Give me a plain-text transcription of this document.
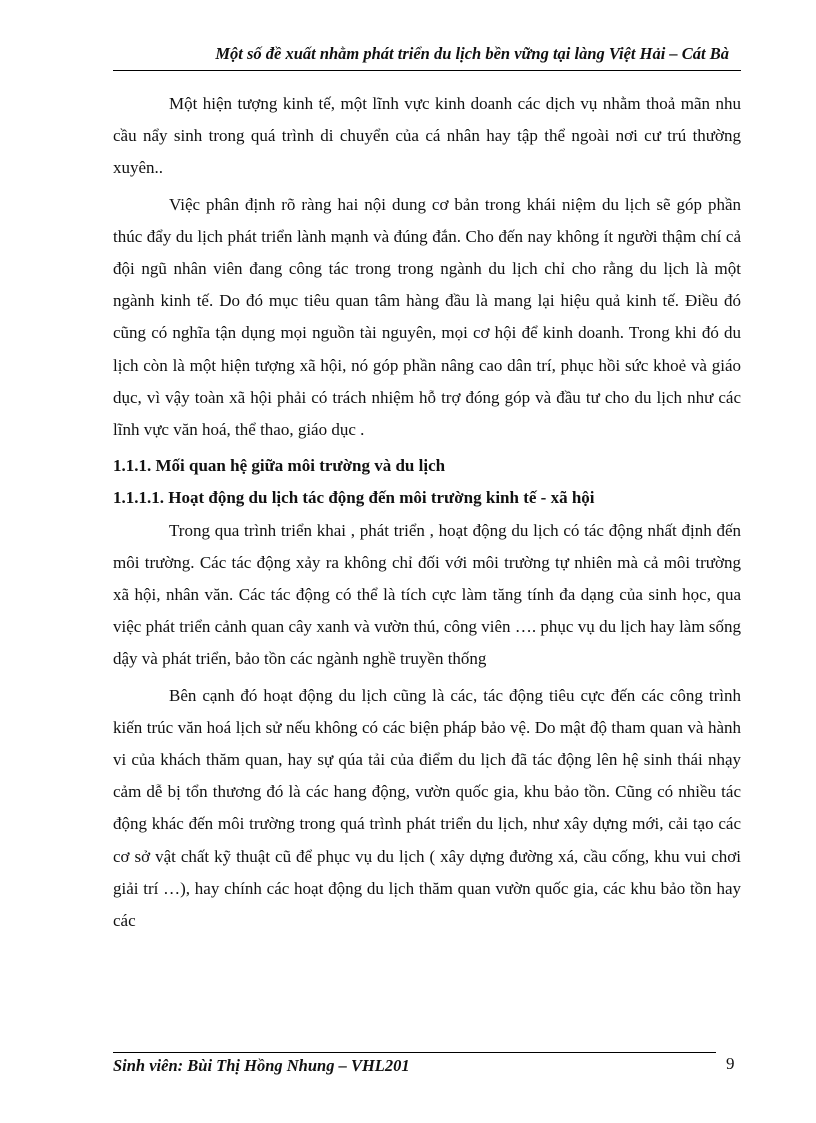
Một số đề xuất nhằm phát triển du lịch bền vững tại làng Việt Hải – Cát Bà

Một hiện tượng kinh tế, một lĩnh vực kinh doanh các dịch vụ nhằm thoả mãn nhu cầu nẩy sinh trong quá trình di chuyển của cá nhân hay tập thể ngoài nơi cư trú thường xuyên..

Việc phân định rõ ràng hai nội dung cơ bản trong khái niệm du lịch sẽ góp phần thúc đẩy du lịch phát triển lành mạnh và đúng đắn. Cho đến nay không ít người thậm chí cả đội ngũ nhân viên đang công tác trong trong ngành du lịch chỉ cho rằng du lịch là một ngành kinh tế. Do đó mục tiêu quan tâm hàng đầu là mang lại hiệu quả kinh tế. Điều đó cũng có nghĩa tận dụng mọi nguồn tài nguyên, mọi cơ hội để kinh doanh. Trong khi đó du lịch còn là một hiện tượng xã hội, nó góp phần nâng cao dân trí, phục hồi sức khoẻ và giáo dục, vì vậy toàn xã hội phải có trách nhiệm hỗ trợ đóng góp và đầu tư cho du lịch như các lĩnh vực văn hoá, thể thao, giáo dục .

1.1.1. Mối quan hệ giữa môi trường và du lịch
1.1.1.1. Hoạt động du lịch tác động đến môi trường kinh tế - xã hội

Trong qua trình triển khai , phát triển , hoạt động du lịch có tác động nhất định đến môi trường. Các tác động xảy ra không chỉ đối với môi trường tự nhiên mà cả môi trường xã hội, nhân văn. Các tác động có thể là tích cực làm tăng tính đa dạng của sinh học, qua việc phát triển cảnh quan cây xanh và vườn thú, công viên …. phục vụ du lịch hay làm sống dậy và phát triển, bảo tồn các ngành nghề truyền thống

Bên cạnh đó hoạt động du lịch cũng là các, tác động tiêu cực đến các công trình kiến trúc văn hoá lịch sử nếu không có các biện pháp bảo vệ. Do mật độ tham quan và hành vi của khách thăm quan, hay sự qúa tải của điểm du lịch đã tác động lên hệ sinh thái nhạy cảm dễ bị tổn thương đó là các hang động, vườn quốc gia, khu bảo tồn. Cũng có nhiều tác động khác đến môi trường trong quá trình phát triển du lịch, như xây dựng mới, cải tạo các cơ sở vật chất kỹ thuật cũ để phục vụ du lịch ( xây dựng đường xá, cầu cống, khu vui chơi giải trí …), hay chính các hoạt động du lịch thăm quan vườn quốc gia, các khu bảo tồn hay các

Sinh viên: Bùi Thị Hồng Nhung – VHL201	9
